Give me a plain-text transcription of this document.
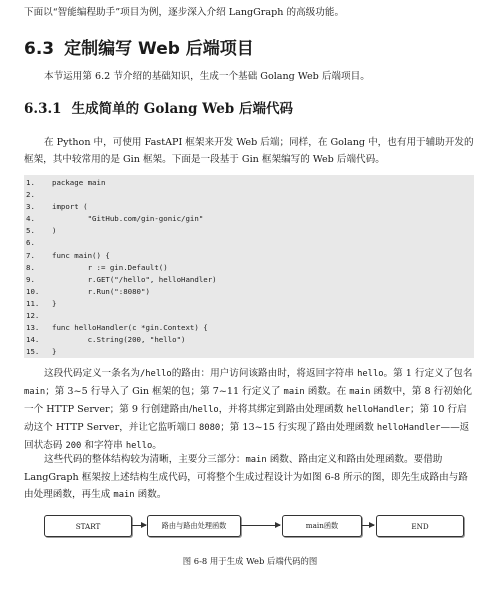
下面以“智能编程助手”项目为例，逐步深入介绍 LangGraph 的高级功能。

6.3 定制编写 Web 后端项目

本节运用第 6.2 节介绍的基础知识，生成一个基础 Golang Web 后端项目。

6.3.1 生成简单的 Golang Web 后端代码

在 Python 中，可使用 FastAPI 框架来开发 Web 后端；同样，在 Golang 中，也有用于辅助开发的框架，其中较常用的是 Gin 框架。下面是一段基于 Gin 框架编写的 Web 后端代码。

1.	package main
2.
3.	import (
4.	"GitHub.com/gin-gonic/gin"
5.	)
6.
7.	func main() {
8.	r := gin.Default()
9.	r.GET("/hello", helloHandler)
10.	r.Run(":8080")
11.	}
12.
13.	func helloHandler(c *gin.Context) {
14.	c.String(200, "hello")
15.	}

这段代码定义一条名为/hello的路由：用户访问该路由时，将返回字符串 hello。第 1 行定义了包名main；第 3~5 行导入了 Gin 框架的包；第 7~11 行定义了 main 函数。在 main 函数中，第 8 行初始化一个 HTTP Server；第 9 行创建路由/hello，并将其绑定到路由处理函数 helloHandler；第 10 行启动这个 HTTP Server，并让它监听端口 8080；第 13~15 行实现了路由处理函数 helloHandler——返回状态码 200 和字符串 hello。

这些代码的整体结构较为清晰，主要分三部分：main 函数、路由定义和路由处理函数。要借助 LangGraph 框架按上述结构生成代码，可将整个生成过程设计为如图 6-8 所示的图，即先生成路由与路由处理函数，再生成 main 函数。

START	路由与路由处理函数	main函数	END
图 6-8 用于生成 Web 后端代码的图
